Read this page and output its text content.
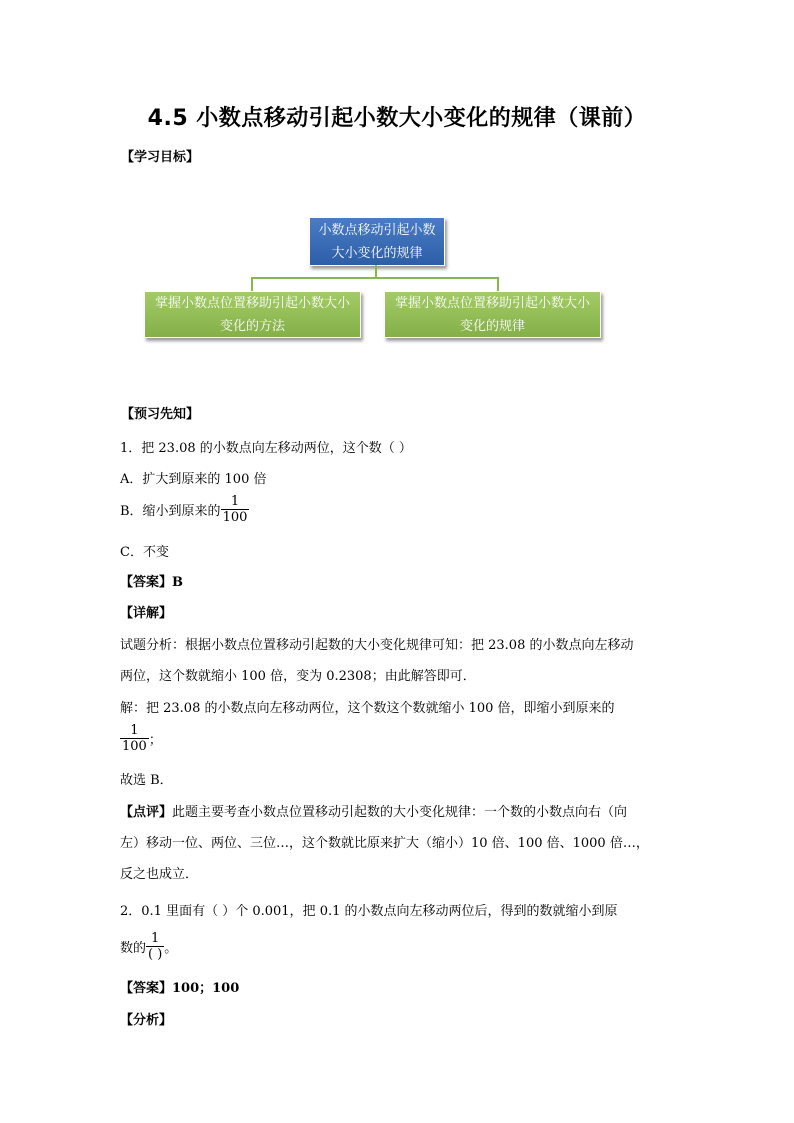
4.5 小数点移动引起小数大小变化的规律（课前）
【学习目标】
小数点移动引起小数
大小变化的规律
掌握小数点位置移助引起小数大小
变化的方法
掌握小数点位置移助引起小数大小
变化的规律
【预习先知】
1．把 23.08 的小数点向左移动两位，这个数（ ）
A．扩大到原来的 100 倍
B．缩小到原来的 $\frac{1}{100}$
C．不变
【答案】B
【详解】
试题分析：根据小数点位置移动引起数的大小变化规律可知：把 23.08 的小数点向左移动
两位，这个数就缩小 100 倍，变为 0.2308；由此解答即可．
解：把 23.08 的小数点向左移动两位，这个数这个数就缩小 100 倍，即缩小到原来的
$\frac{1}{100}$ ；
故选 B．
【点评】此题主要考查小数点位置移动引起数的大小变化规律：一个数的小数点向右（向
左）移动一位、两位、三位…，这个数就比原来扩大（缩小）10 倍、100 倍、1000 倍…，
反之也成立．
2．0.1 里面有（ ）个 0.001，把 0.1 的小数点向左移动两位后，得到的数就缩小到原
数的 $\frac{1}{( )}$ 。
【答案】100；100
【分析】
